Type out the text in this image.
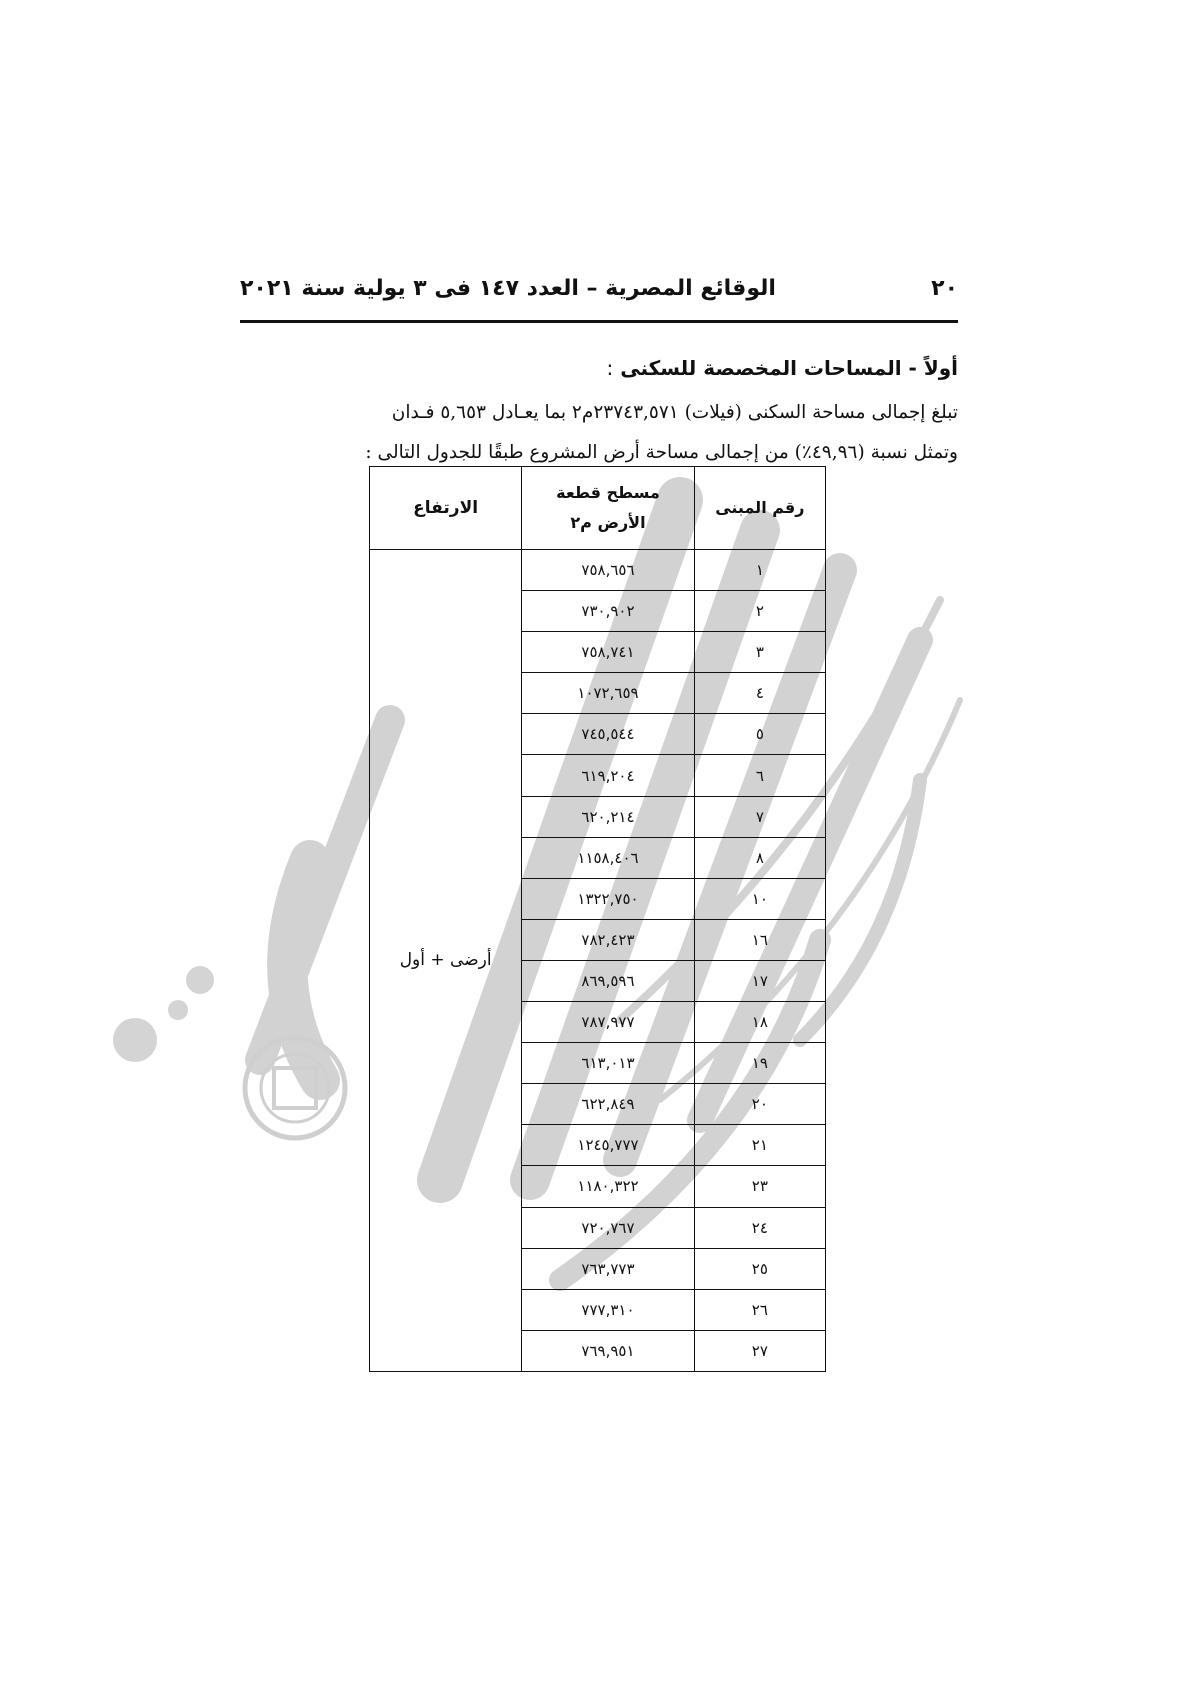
٢٠
الوقائع المصرية – العدد ١٤٧ فى ٣ يولية سنة ٢٠٢١
أولاً - المساحات المخصصة للسكنى :
تبلغ إجمالى مساحة السكنى (فيلات) ٢٣٧٤٣,٥٧١م٢ بما يعـادل ٥,٦٥٣ فـدان
وتمثل نسبة (٤٩,٩٦٪) من إجمالى مساحة أرض المشروع طبقًا للجدول التالى :
رقم المبنى	مسطح قطعة الأرض م٢	الارتفاع
١	٧٥٨,٦٥٦	أرضى + أول
٢	٧٣٠,٩٠٢	
٣	٧٥٨,٧٤١	
٤	١٠٧٢,٦٥٩	
٥	٧٤٥,٥٤٤	
٦	٦١٩,٢٠٤	
٧	٦٢٠,٢١٤	
٨	١١٥٨,٤٠٦	
١٠	١٣٢٢,٧٥٠	
١٦	٧٨٢,٤٢٣	
١٧	٨٦٩,٥٩٦	
١٨	٧٨٧,٩٧٧	
١٩	٦١٣,٠١٣	
٢٠	٦٢٢,٨٤٩	
٢١	١٢٤٥,٧٧٧	
٢٣	١١٨٠,٣٢٢	
٢٤	٧٢٠,٧٦٧	
٢٥	٧٦٣,٧٧٣	
٢٦	٧٧٧,٣١٠	
٢٧	٧٦٩,٩٥١	
